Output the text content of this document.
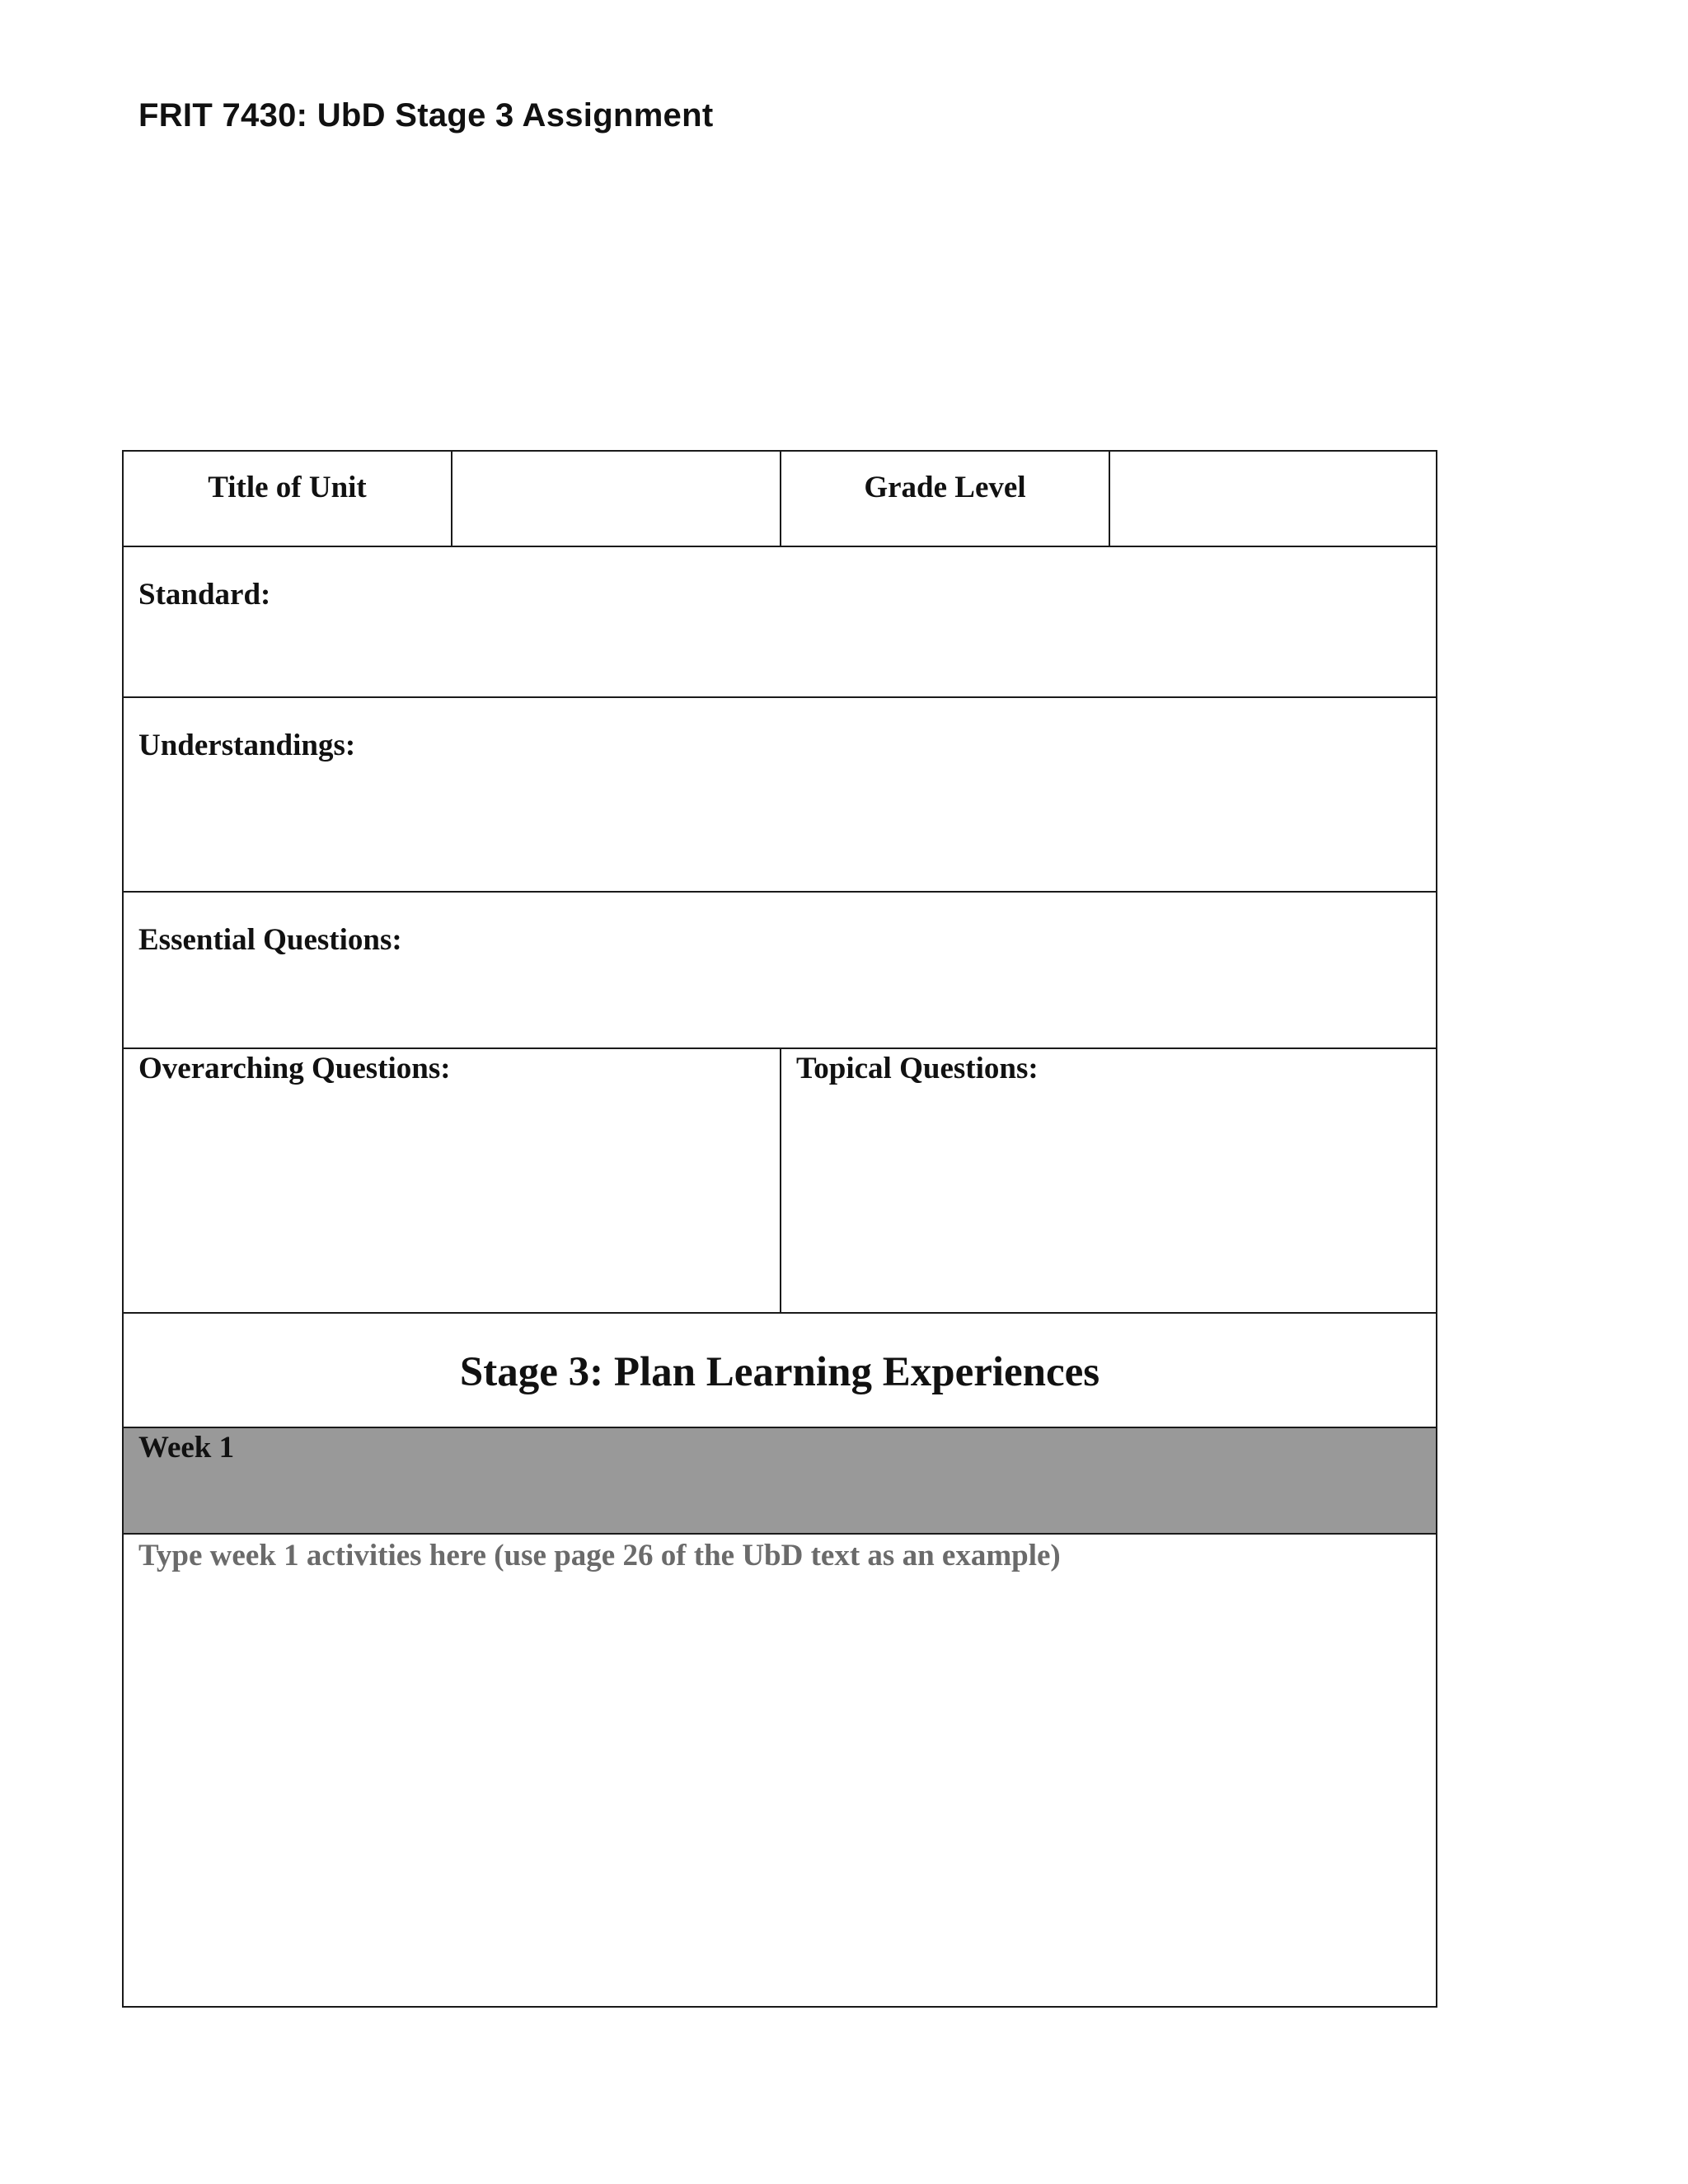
FRIT 7430: UbD Stage 3 Assignment
Title of Unit	Grade Level
Standard:
Understandings:
Essential Questions:
Overarching Questions:	Topical Questions:
Stage 3: Plan Learning Experiences
Week 1
Type week 1 activities here (use page 26 of the UbD text as an example)
